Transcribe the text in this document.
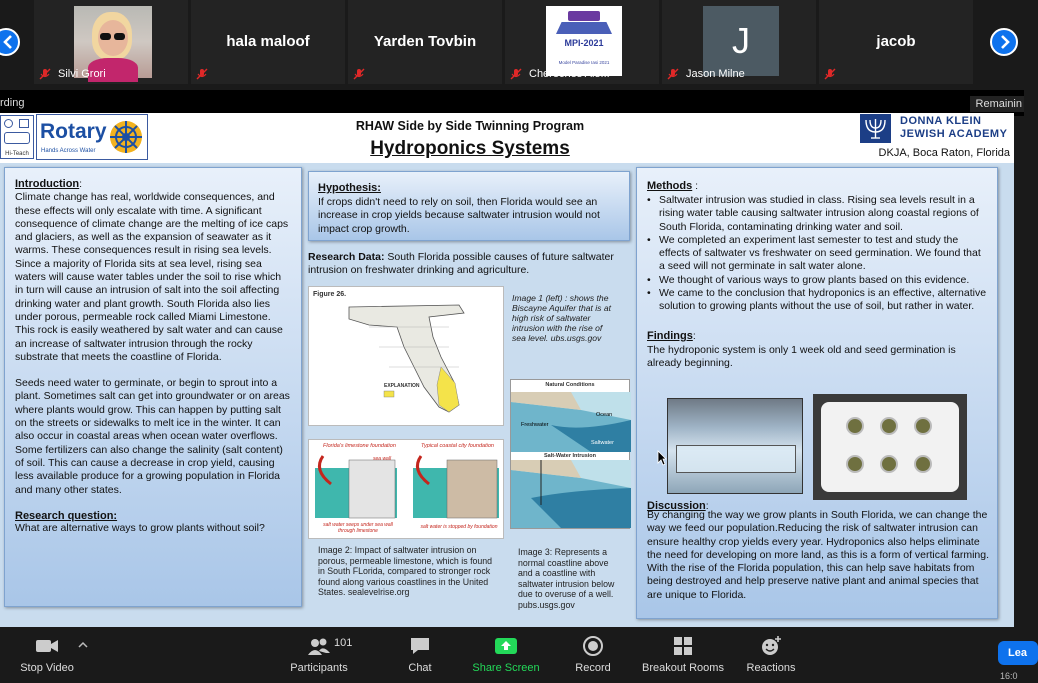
Silvi Grori
hala maloof	Yarden Tovbin	MPI-2021
Model Paradise Iasi 2021
Chereches Ale...
J
Jason Milne
jacob
rding	Remainin
Hi-Teach
Rotary
Hands Across Water
RHAW Side by Side Twinning Program
Hydroponics Systems
DONNA KLEIN
JEWISH ACADEMY
DKJA, Boca Raton, Florida
Introduction:
Climate change has real, worldwide consequences, and these effects will only escalate with time. A significant consequence of climate change are the melting of ice caps and glaciers, as well as the expansion of seawater as it warms. These consequences result in rising sea levels. Since a majority of Florida sits at sea level, rising sea waters will cause water tables under the soil to rise which in turn will cause an intrusion of salt into the soil affecting drinking water and plant growth. South Florida also lies under porous, permeable rock called Miami Limestone. This rock is easily weathered by salt water and can cause an increase of saltwater intrusion through the rocky substrate that meets the coastline of Florida.
Seeds need water to germinate, or begin to sprout into a plant. Sometimes salt can get into groundwater or on areas where plants would grow. This can happen by putting salt on the streets or sidewalks to melt ice in the winter. It can also occur in coastal areas when ocean water overflows. Some fertilizers can also change the salinity (salt content) of soil. This can cause a decrease in crop yield, causing less available produce for a growing population in Florida and many other states.
Research question:
What are alternative ways to grow plants without soil?
Hypothesis:
If crops didn't need to rely on soil, then Florida would see an increase in crop yields because saltwater intrusion would not impact crop growth.
Research Data: South Florida possible causes of future saltwater intrusion on freshwater drinking and agriculture.
Figure 26.
EXPLANATION
Image 1 (left) : shows the Biscayne Aquifer that is at high risk of saltwater intrusion with the rise of sea level. ubs.usgs.gov
Natural Conditions
Freshwater
Ocean
Saltwater
Salt-Water Intrusion
Florida's limestone foundation	Typical coastal city foundation
sea wall
salt water seeps under sea wall through limestone
salt water is stopped by foundation
Image 2: Impact of saltwater intrusion on porous, permeable limestone, which is found in South FLorida, compared to stronger rock found along various coastlines in the United States. sealevelrise.org
Image 3: Represents a normal coastline above and a coastline with saltwater intrusion below due to overuse of a well. pubs.usgs.gov
Methods :
• Saltwater intrusion was studied in class. Rising sea levels result in a rising water table causing saltwater intrusion along coastal regions of South Florida, contaminating drinking water and soil.
• We completed an experiment last semester to test and study the effects of saltwater vs freshwater on seed germination. We found that a seed will not germinate in salt water alone.
• We thought of various ways to grow plants based on this evidence.
• We came to the conclusion that hydroponics is an effective, alternative solution to growing plants without the use of soil, but rather in water.
Findings:
The hydroponic system is only 1 week old and seed germination is already beginning.
Discussion:
By changing the way we grow plants in South Florida, we can change the way we feed our population.Reducing the risk of saltwater intrusion can ensure healthy crop yields every year. Hydroponics also helps eliminate the need for developing on more land, as this is a form of vertical farming. With the rise of the Florida population, this can help save habitats from being destroyed and help preserve native plant and animal species that are unique to Florida.
Stop Video	Participants
101
Chat	Share Screen	Record	Breakout Rooms	Reactions
Lea
16:0
